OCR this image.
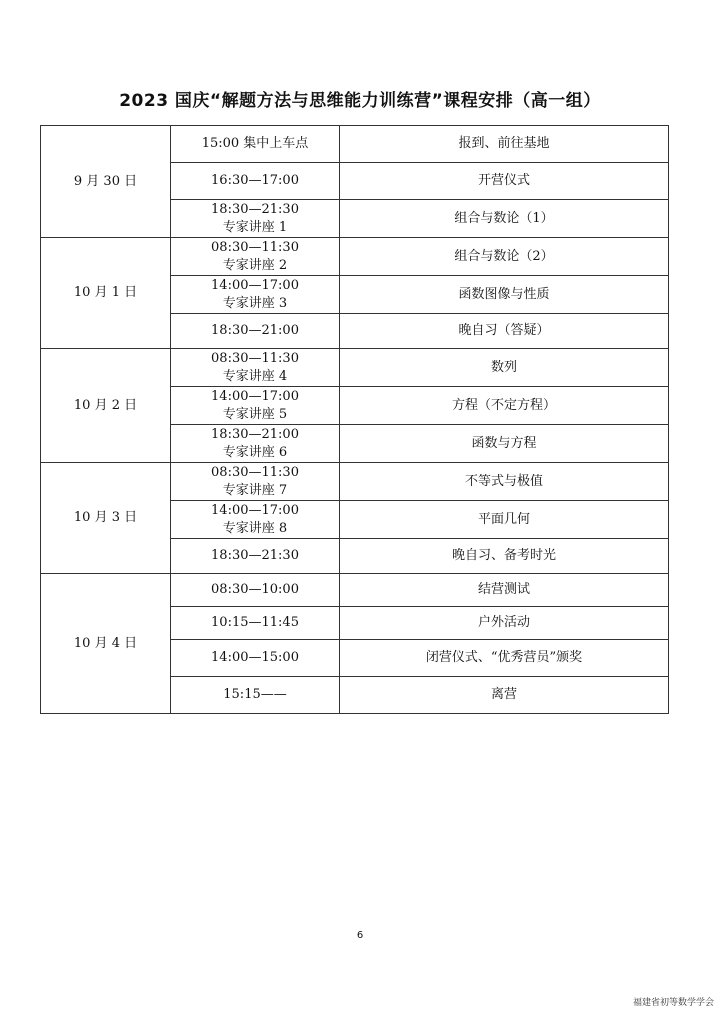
2023 国庆“解题方法与思维能力训练营”课程安排（高一组）
9 月 30 日	15:00 集中上车点	报到、前往基地

	16:30—17:00	开营仪式

	18:30—21:30
专家讲座 1	组合与数论（1）
10 月 1 日	08:30—11:30
专家讲座 2	组合与数论（2）

	14:00—17:00
专家讲座 3	函数图像与性质

	18:30—21:00	晚自习（答疑）
10 月 2 日	08:30—11:30
专家讲座 4	数列

	14:00—17:00
专家讲座 5	方程（不定方程）

	18:30—21:00
专家讲座 6	函数与方程
10 月 3 日	08:30—11:30
专家讲座 7	不等式与极值

	14:00—17:00
专家讲座 8	平面几何

	18:30—21:30	晚自习、备考时光
10 月 4 日	08:30—10:00	结营测试

	10:15—11:45	户外活动

	14:00—15:00	闭营仪式、“优秀营员”颁奖

	15:15——	离营
6
福建省初等数学学会
